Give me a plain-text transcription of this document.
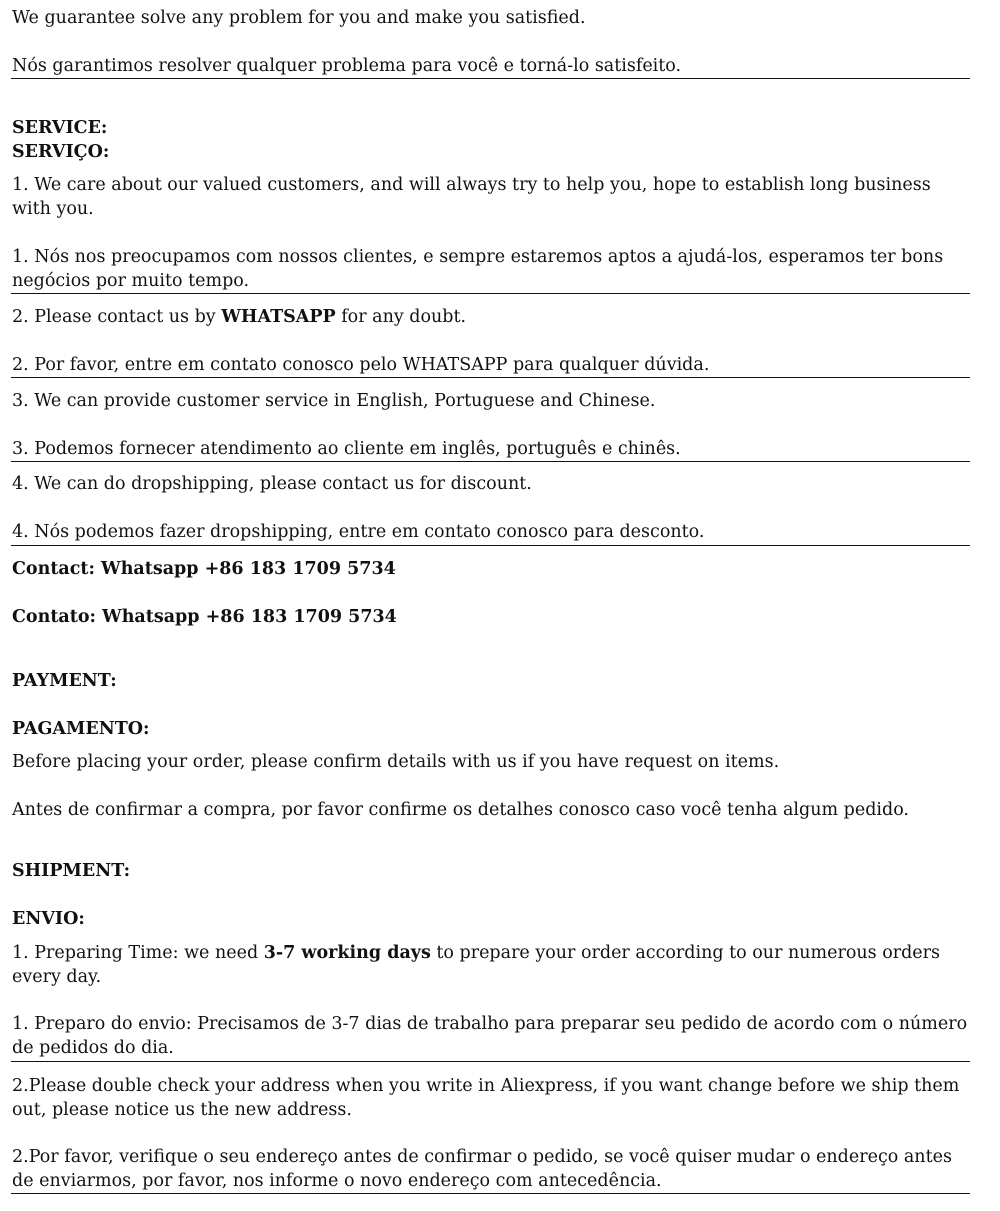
We guarantee solve any problem for you and make you satisfied.
Nós garantimos resolver qualquer problema para você e torná-lo satisfeito.
SERVICE:
SERVIÇO:
1. We care about our valued customers, and will always try to help you, hope to establish long business with you.
1. Nós nos preocupamos com nossos clientes, e sempre estaremos aptos a ajudá-los, esperamos ter bons negócios por muito tempo.
2. Please contact us by WHATSAPP for any doubt.
2. Por favor, entre em contato conosco pelo WHATSAPP para qualquer dúvida.
3. We can provide customer service in English, Portuguese and Chinese.
3. Podemos fornecer atendimento ao cliente em inglês, português e chinês.
4. We can do dropshipping, please contact us for discount.
4. Nós podemos fazer dropshipping, entre em contato conosco para desconto.
Contact: Whatsapp +86 183 1709 5734
Contato: Whatsapp +86 183 1709 5734
PAYMENT:
PAGAMENTO:
Before placing your order, please confirm details with us if you have request on items.
Antes de confirmar a compra, por favor confirme os detalhes conosco caso você tenha algum pedido.
SHIPMENT:
ENVIO:
1. Preparing Time: we need 3-7 working days to prepare your order according to our numerous orders every day.
1. Preparo do envio: Precisamos de 3-7 dias de trabalho para preparar seu pedido de acordo com o número de pedidos do dia.
2.Please double check your address when you write in Aliexpress, if you want change before we ship them out, please notice us the new address.
2.Por favor, verifique o seu endereço antes de confirmar o pedido, se você quiser mudar o endereço antes de enviarmos, por favor, nos informe o novo endereço com antecedência.
